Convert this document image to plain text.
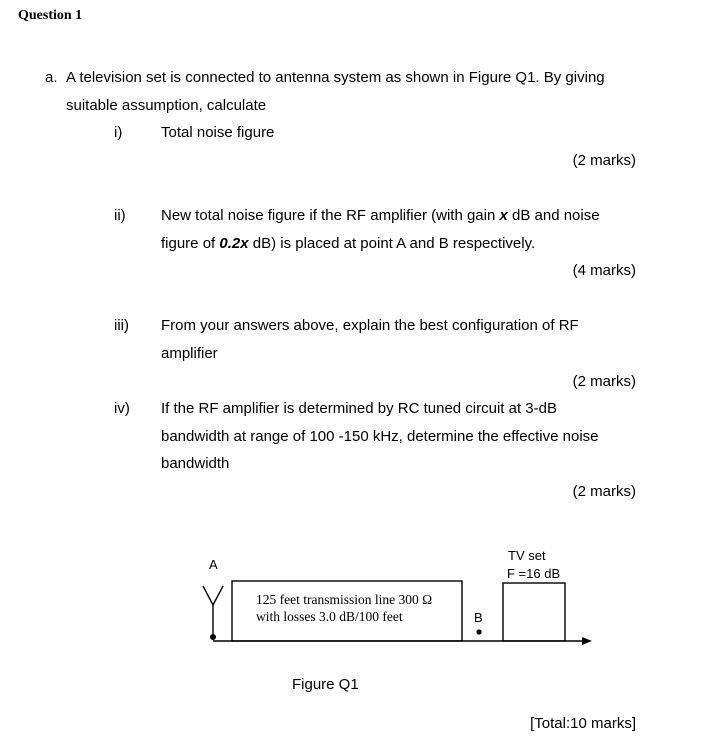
Question 1
a. A television set is connected to antenna system as shown in Figure Q1. By giving
suitable assumption, calculate
i)	Total noise figure
(2 marks)
ii) New total noise figure if the RF amplifier (with gain x dB and noise
figure of 0.2x dB) is placed at point A and B respectively.
(4 marks)
iii) From your answers above, explain the best configuration of RF
amplifier
(2 marks)
iv) If the RF amplifier is determined by RC tuned circuit at 3-dB
bandwidth at range of 100 -150 kHz, determine the effective noise
bandwidth
(2 marks)
A
B
125 feet transmission line 300 Ω
with losses 3.0 dB/100 feet
TV set
F =16 dB
Figure Q1
[Total:10 marks]
